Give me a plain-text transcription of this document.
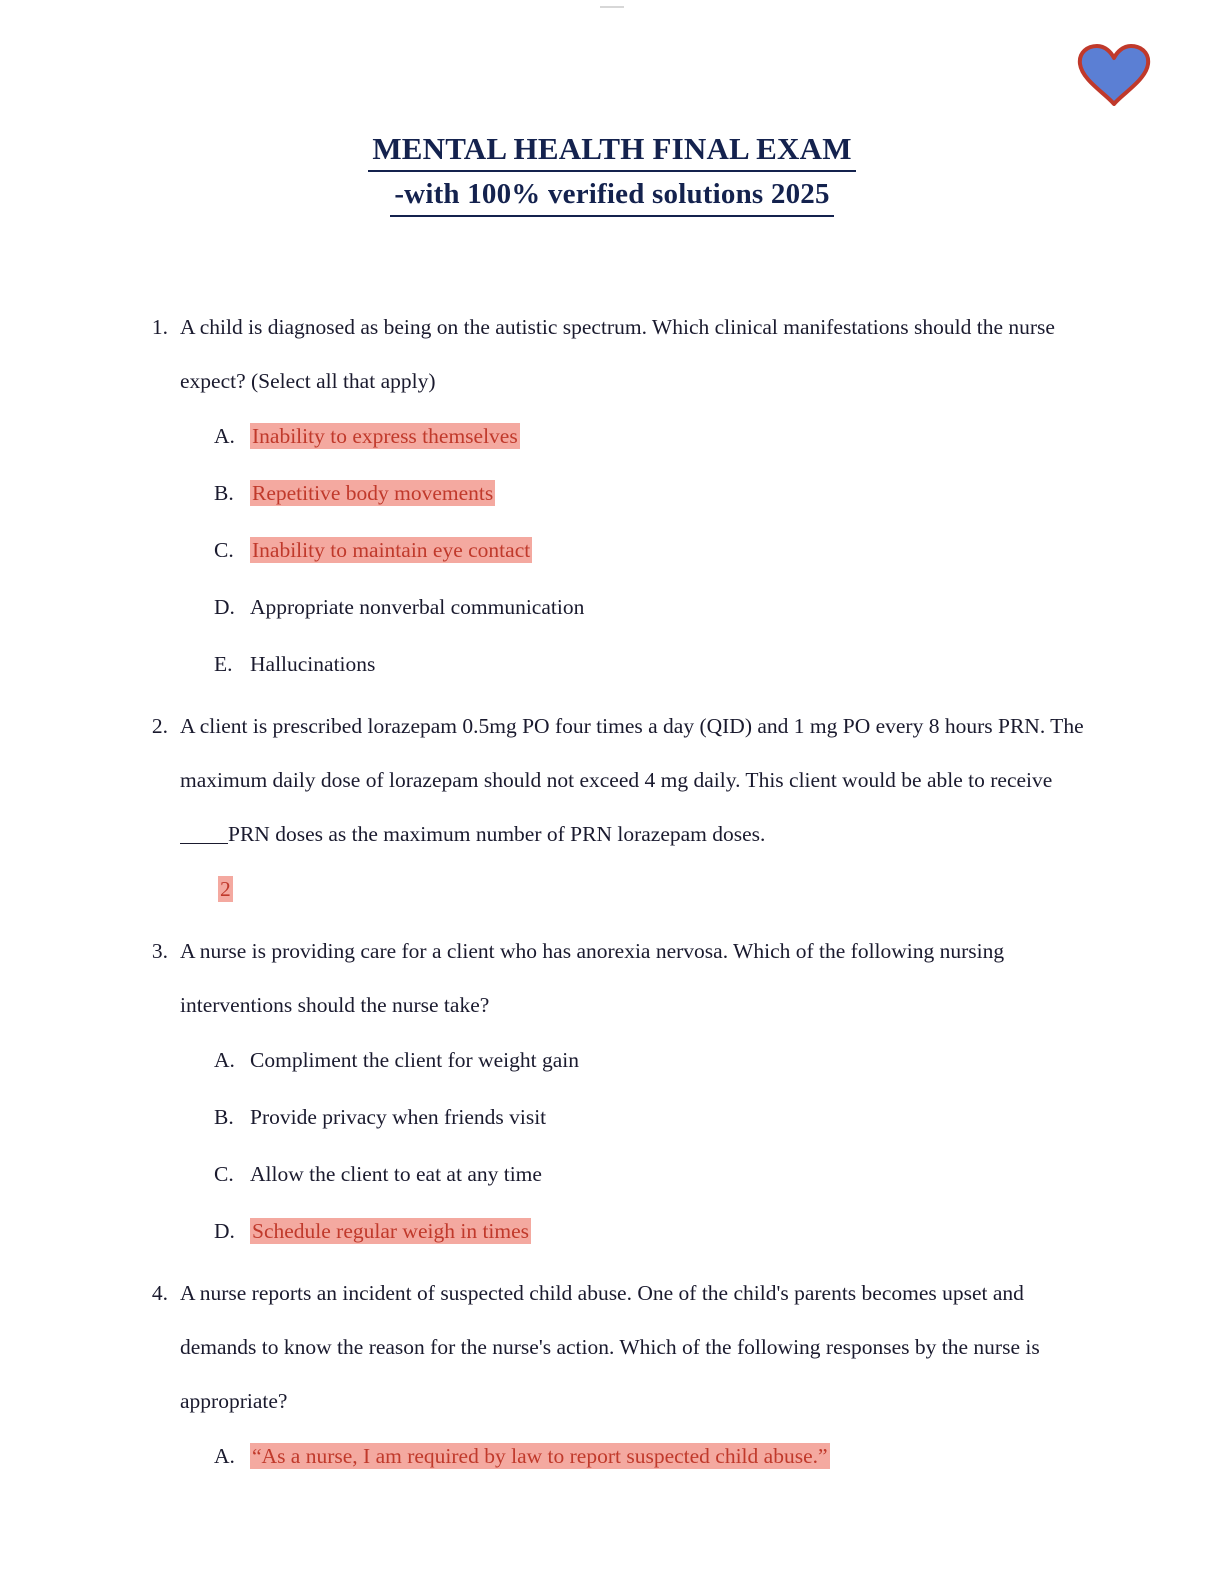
MENTAL HEALTH FINAL EXAM
-with 100% verified solutions 2025
1. A child is diagnosed as being on the autistic spectrum. Which clinical manifestations should the nurse expect? (Select all that apply)
A. Inability to express themselves
B. Repetitive body movements
C. Inability to maintain eye contact
D. Appropriate nonverbal communication
E. Hallucinations
2. A client is prescribed lorazepam 0.5mg PO four times a day (QID) and 1 mg PO every 8 hours PRN. The maximum daily dose of lorazepam should not exceed 4 mg daily. This client would be able to receivePRN doses as the maximum number of PRN lorazepam doses.
2
3. A nurse is providing care for a client who has anorexia nervosa. Which of the following nursing interventions should the nurse take?
A. Compliment the client for weight gain
B. Provide privacy when friends visit
C. Allow the client to eat at any time
D. Schedule regular weigh in times
4. A nurse reports an incident of suspected child abuse. One of the child's parents becomes upset and demands to know the reason for the nurse's action. Which of the following responses by the nurse is appropriate?
A. “As a nurse, I am required by law to report suspected child abuse.”
